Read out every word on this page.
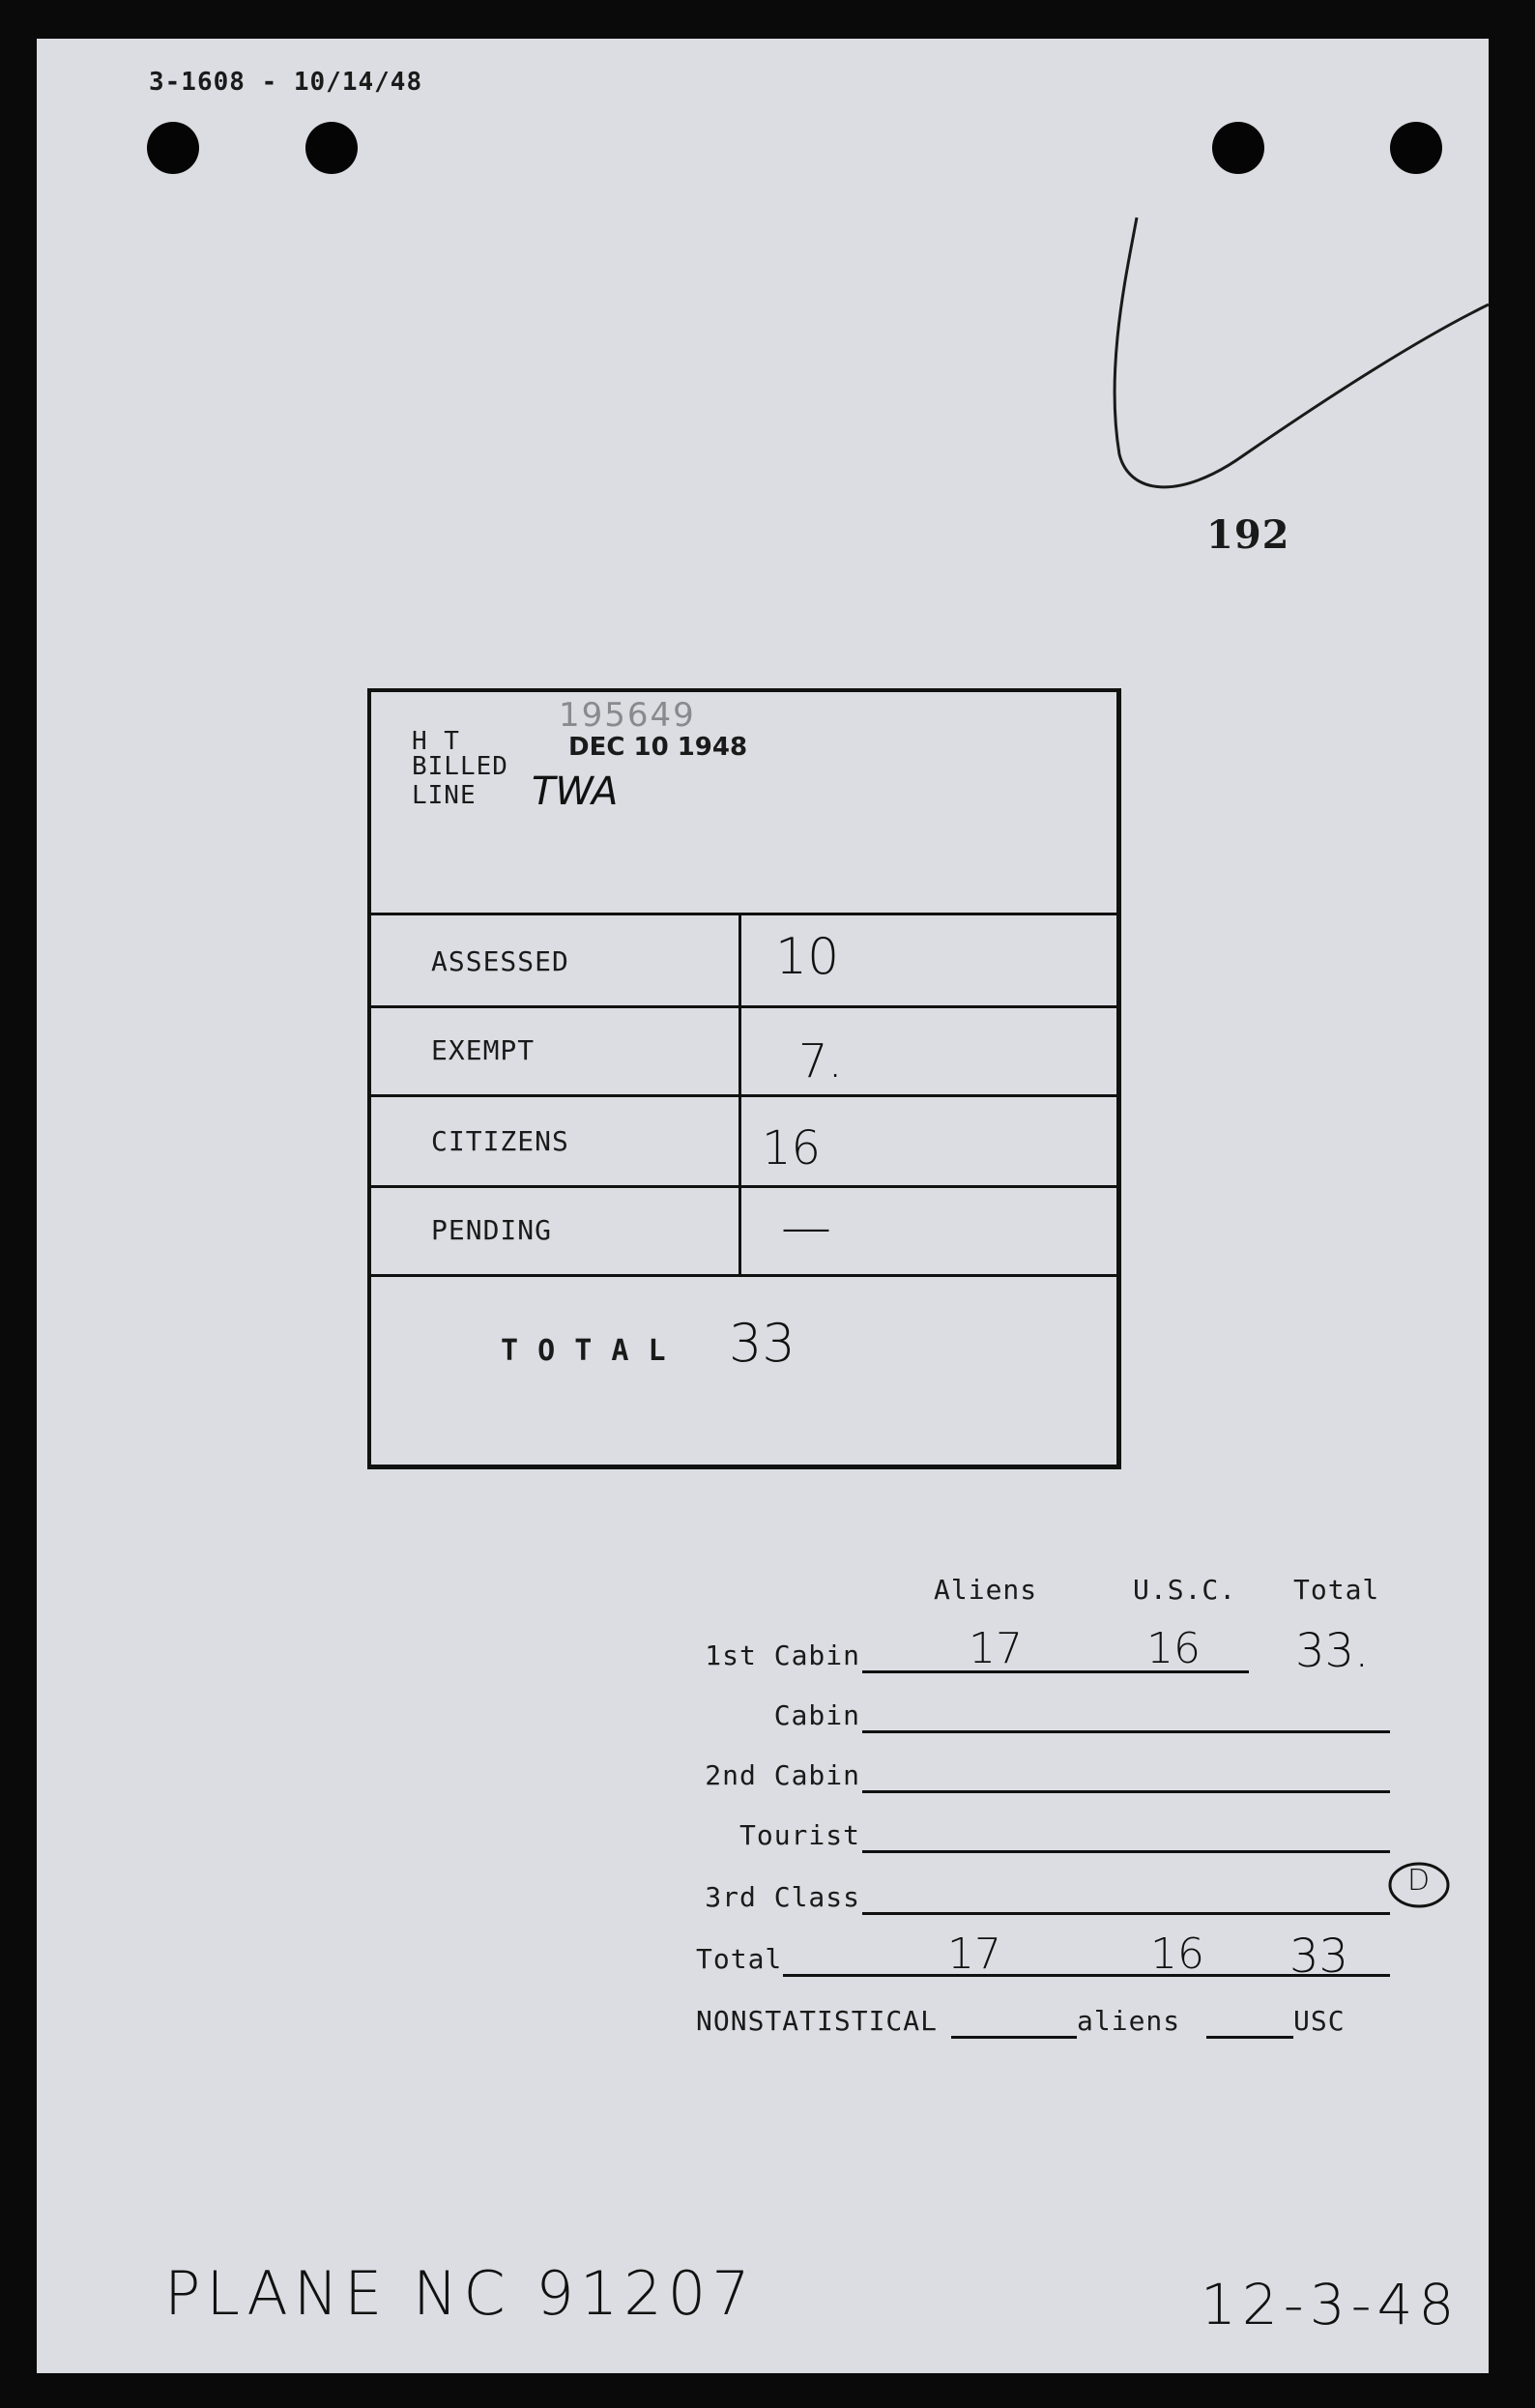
3-1608 - 10/14/48
192
H T
BILLED
LINE
195649
DEC 10 1948
TWA
ASSESSED	10
EXEMPT	7.
CITIZENS	16
PENDING	—
T O T A L 33
Aliens	U.S.C. Total
1st Cabin	17	16 33.
Cabin
2nd Cabin
Tourist
3rd Class	D
Total	17	16 33
NONSTATISTICAL	aliens	USC
PLANE NC 91207	12-3-48
